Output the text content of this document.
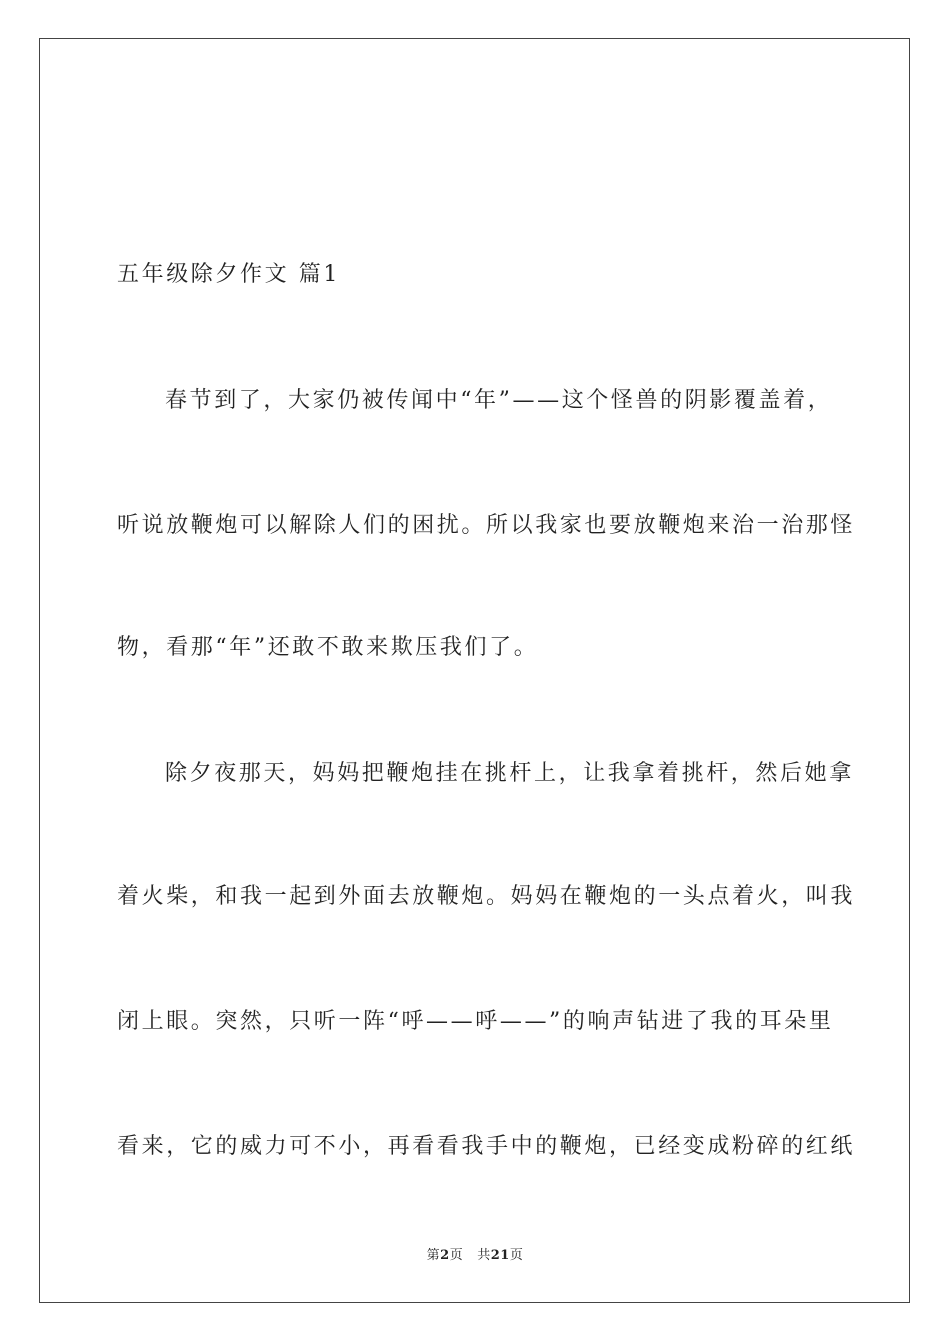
五年级除夕作文 篇1
春节到了，大家仍被传闻中“年”——这个怪兽的阴影覆盖着，
听说放鞭炮可以解除人们的困扰。所以我家也要放鞭炮来治一治那怪
物，看那“年”还敢不敢来欺压我们了。
除夕夜那天，妈妈把鞭炮挂在挑杆上，让我拿着挑杆，然后她拿
着火柴，和我一起到外面去放鞭炮。妈妈在鞭炮的一头点着火，叫我
闭上眼。突然，只听一阵“呼——呼——”的响声钻进了我的耳朵里
看来，它的威力可不小，再看看我手中的鞭炮，已经变成粉碎的红纸
第2页 共21页
